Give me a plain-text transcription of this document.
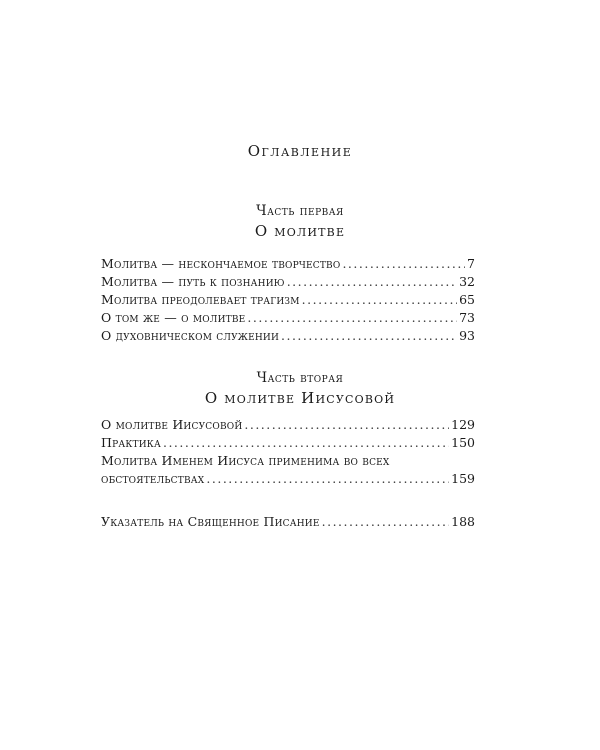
Оглавление
Часть первая
О молитве
Молитва — нескончаемое творчество .....	7
Молитва — путь к познанию .....	32
Молитва преодолевает трагизм .....	65
О том же — о молитве .....	73
О духовническом служении .....	93
Часть вторая
О молитве Иисусовой
О молитве Иисусовой .....	129
Практика .....	150
Молитва Именем Иисуса применима во всех
обстоятельствах .....	159
Указатель на Священное Писание .....	188
